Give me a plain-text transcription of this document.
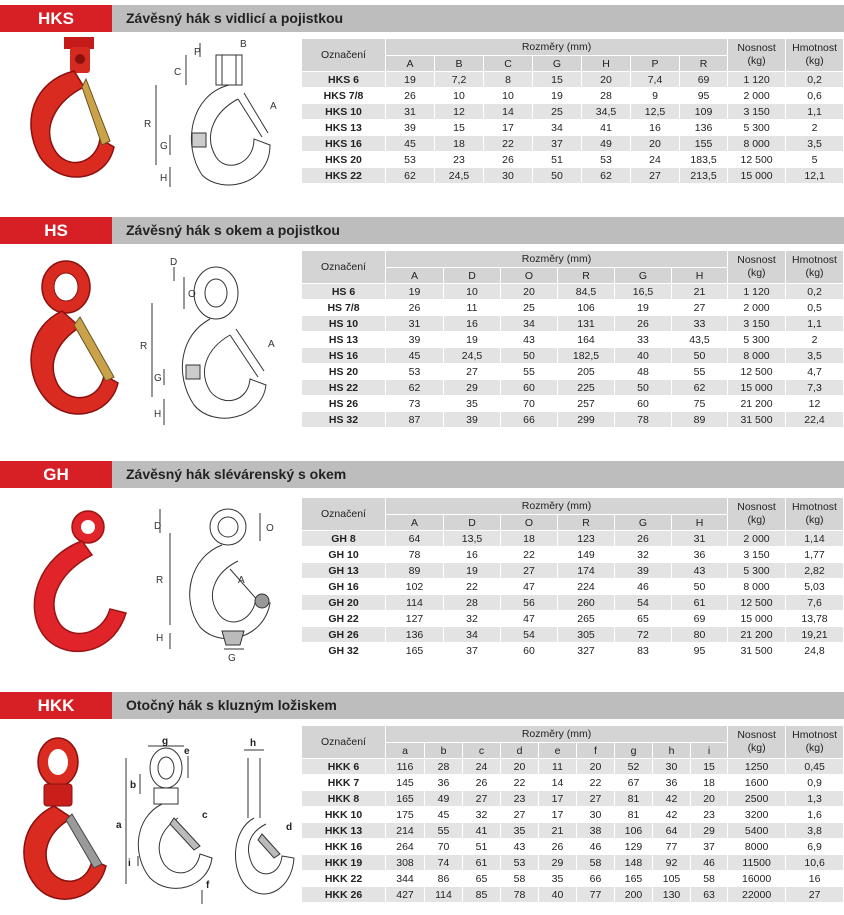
HKS	Závěsný hák s vidlicí a pojistkou
B
P
C
R
G
H
A
Označení	Rozměry (mm)							Nosnost (kg)	Hmotnost (kg)
	A	B	C	G	H	P	R		
HKS 6	19	7,2	8	15	20	7,4	69	1 120	0,2
HKS 7/8	26	10	10	19	28	9	95	2 000	0,6
HKS 10	31	12	14	25	34,5	12,5	109	3 150	1,1
HKS 13	39	15	17	34	41	16	136	5 300	2
HKS 16	45	18	22	37	49	20	155	8 000	3,5
HKS 20	53	23	26	51	53	24	183,5	12 500	5
HKS 22	62	24,5	30	50	62	27	213,5	15 000	12,1
HS	Závěsný hák s okem a pojistkou
D
O
R
G
H
A
Označení	Rozměry (mm)						Nosnost (kg)	Hmotnost (kg)
	A	D	O	R	G	H		
HS 6	19	10	20	84,5	16,5	21	1 120	0,2
HS 7/8	26	11	25	106	19	27	2 000	0,5
HS 10	31	16	34	131	26	33	3 150	1,1
HS 13	39	19	43	164	33	43,5	5 300	2
HS 16	45	24,5	50	182,5	40	50	8 000	3,5
HS 20	53	27	55	205	48	55	12 500	4,7
HS 22	62	29	60	225	50	62	15 000	7,3
HS 26	73	35	70	257	60	75	21 200	12
HS 32	87	39	66	299	78	89	31 500	22,4
GH	Závěsný hák slévárenský s okem
D	O
R	A
H
G
Označení	Rozměry (mm)						Nosnost (kg)	Hmotnost (kg)
	A	D	O	R	G	H		
GH 8	64	13,5	18	123	26	31	2 000	1,14
GH 10	78	16	22	149	32	36	3 150	1,77
GH 13	89	19	27	174	39	43	5 300	2,82
GH 16	102	22	47	224	46	50	8 000	5,03
GH 20	114	28	56	260	54	61	12 500	7,6
GH 22	127	32	47	265	65	69	15 000	13,78
GH 26	136	34	54	305	72	80	21 200	19,21
GH 32	165	37	60	327	83	95	31 500	24,8
HKK	Otočný hák s kluzným ložiskem
g
e
b
c
a
i
f
h
d
Označení	Rozměry (mm)									Nosnost (kg)	Hmotnost (kg)
	a	b	c	d	e	f	g	h	i		
HKK 6	116	28	24	20	11	20	52	30	15	1250	0,45
HKK 7	145	36	26	22	14	22	67	36	18	1600	0,9
HKK 8	165	49	27	23	17	27	81	42	20	2500	1,3
HKK 10	175	45	32	27	17	30	81	42	23	3200	1,6
HKK 13	214	55	41	35	21	38	106	64	29	5400	3,8
HKK 16	264	70	51	43	26	46	129	77	37	8000	6,9
HKK 19	308	74	61	53	29	58	148	92	46	11500	10,6
HKK 22	344	86	65	58	35	66	165	105	58	16000	16
HKK 26	427	114	85	78	40	77	200	130	63	22000	27
